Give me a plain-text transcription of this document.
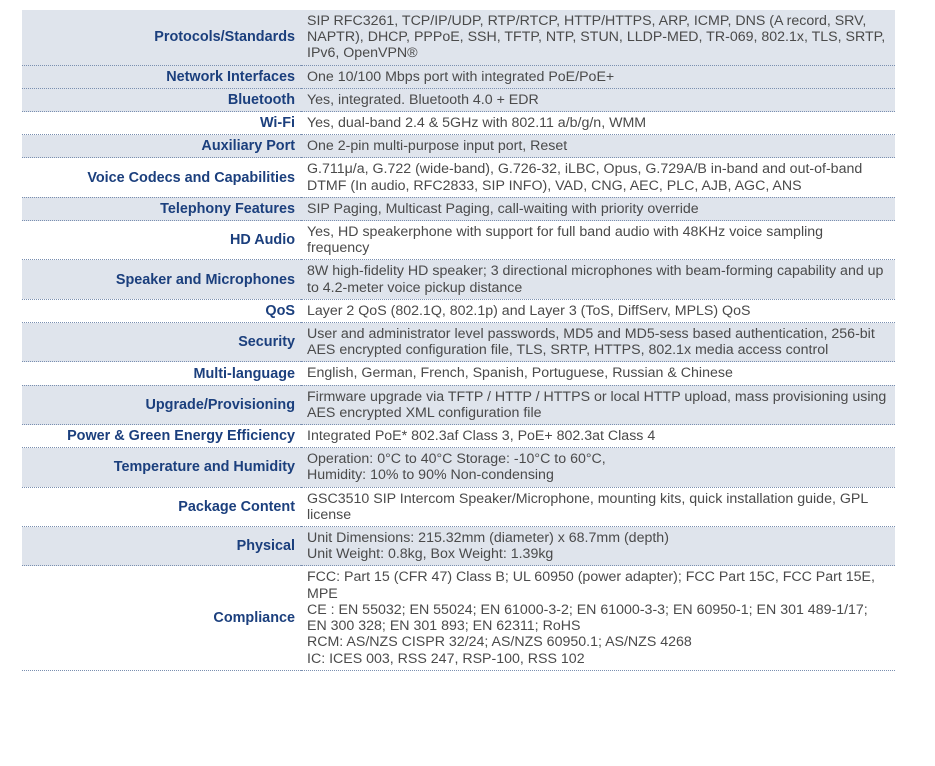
Protocols/Standards	SIP RFC3261, TCP/IP/UDP, RTP/RTCP, HTTP/HTTPS, ARP, ICMP, DNS (A record, SRV, NAPTR), DHCP, PPPoE, SSH, TFTP, NTP, STUN, LLDP-MED, TR-069, 802.1x, TLS, SRTP, IPv6, OpenVPN®
Network Interfaces	One 10/100 Mbps port with integrated PoE/PoE+
Bluetooth	Yes, integrated. Bluetooth 4.0 + EDR
Wi-Fi	Yes, dual-band 2.4 & 5GHz with 802.11 a/b/g/n, WMM
Auxiliary Port	One 2-pin multi-purpose input port, Reset
Voice Codecs and Capabilities	G.711μ/a, G.722 (wide-band), G.726-32, iLBC, Opus, G.729A/B in-band and out-of-band DTMF (In audio, RFC2833, SIP INFO), VAD, CNG, AEC, PLC, AJB, AGC, ANS
Telephony Features	SIP Paging, Multicast Paging, call-waiting with priority override
HD Audio	Yes, HD speakerphone with support for full band audio with 48KHz voice sampling frequency
Speaker and Microphones	8W high-fidelity HD speaker; 3 directional microphones with beam-forming capability and up to 4.2-meter voice pickup distance
QoS	Layer 2 QoS (802.1Q, 802.1p) and Layer 3 (ToS, DiffServ, MPLS) QoS
Security	User and administrator level passwords, MD5 and MD5-sess based authentication, 256-bit AES encrypted configuration file, TLS, SRTP, HTTPS, 802.1x media access control
Multi-language	English, German, French, Spanish, Portuguese, Russian & Chinese
Upgrade/Provisioning	Firmware upgrade via TFTP / HTTP / HTTPS or local HTTP upload, mass provisioning using AES encrypted XML configuration file
Power & Green Energy Efficiency	Integrated PoE* 802.3af Class 3, PoE+ 802.3at Class 4
Temperature and Humidity	Operation: 0°C to 40°C Storage: -10°C to 60°C,
Humidity: 10% to 90% Non-condensing

Package Content	GSC3510 SIP Intercom Speaker/Microphone, mounting kits, quick installation guide, GPL license
Physical	Unit Dimensions: 215.32mm (diameter) x 68.7mm (depth)
Unit Weight: 0.8kg, Box Weight: 1.39kg

Compliance	FCC: Part 15 (CFR 47) Class B; UL 60950 (power adapter); FCC Part 15C, FCC Part 15E, MPE
CE : EN 55032; EN 55024; EN 61000-3-2; EN 61000-3-3; EN 60950-1; EN 301 489-1/17; EN 300 328; EN 301 893; EN 62311; RoHS
RCM: AS/NZS CISPR 32/24; AS/NZS 60950.1; AS/NZS 4268
IC: ICES 003, RSS 247, RSP-100, RSS 102
